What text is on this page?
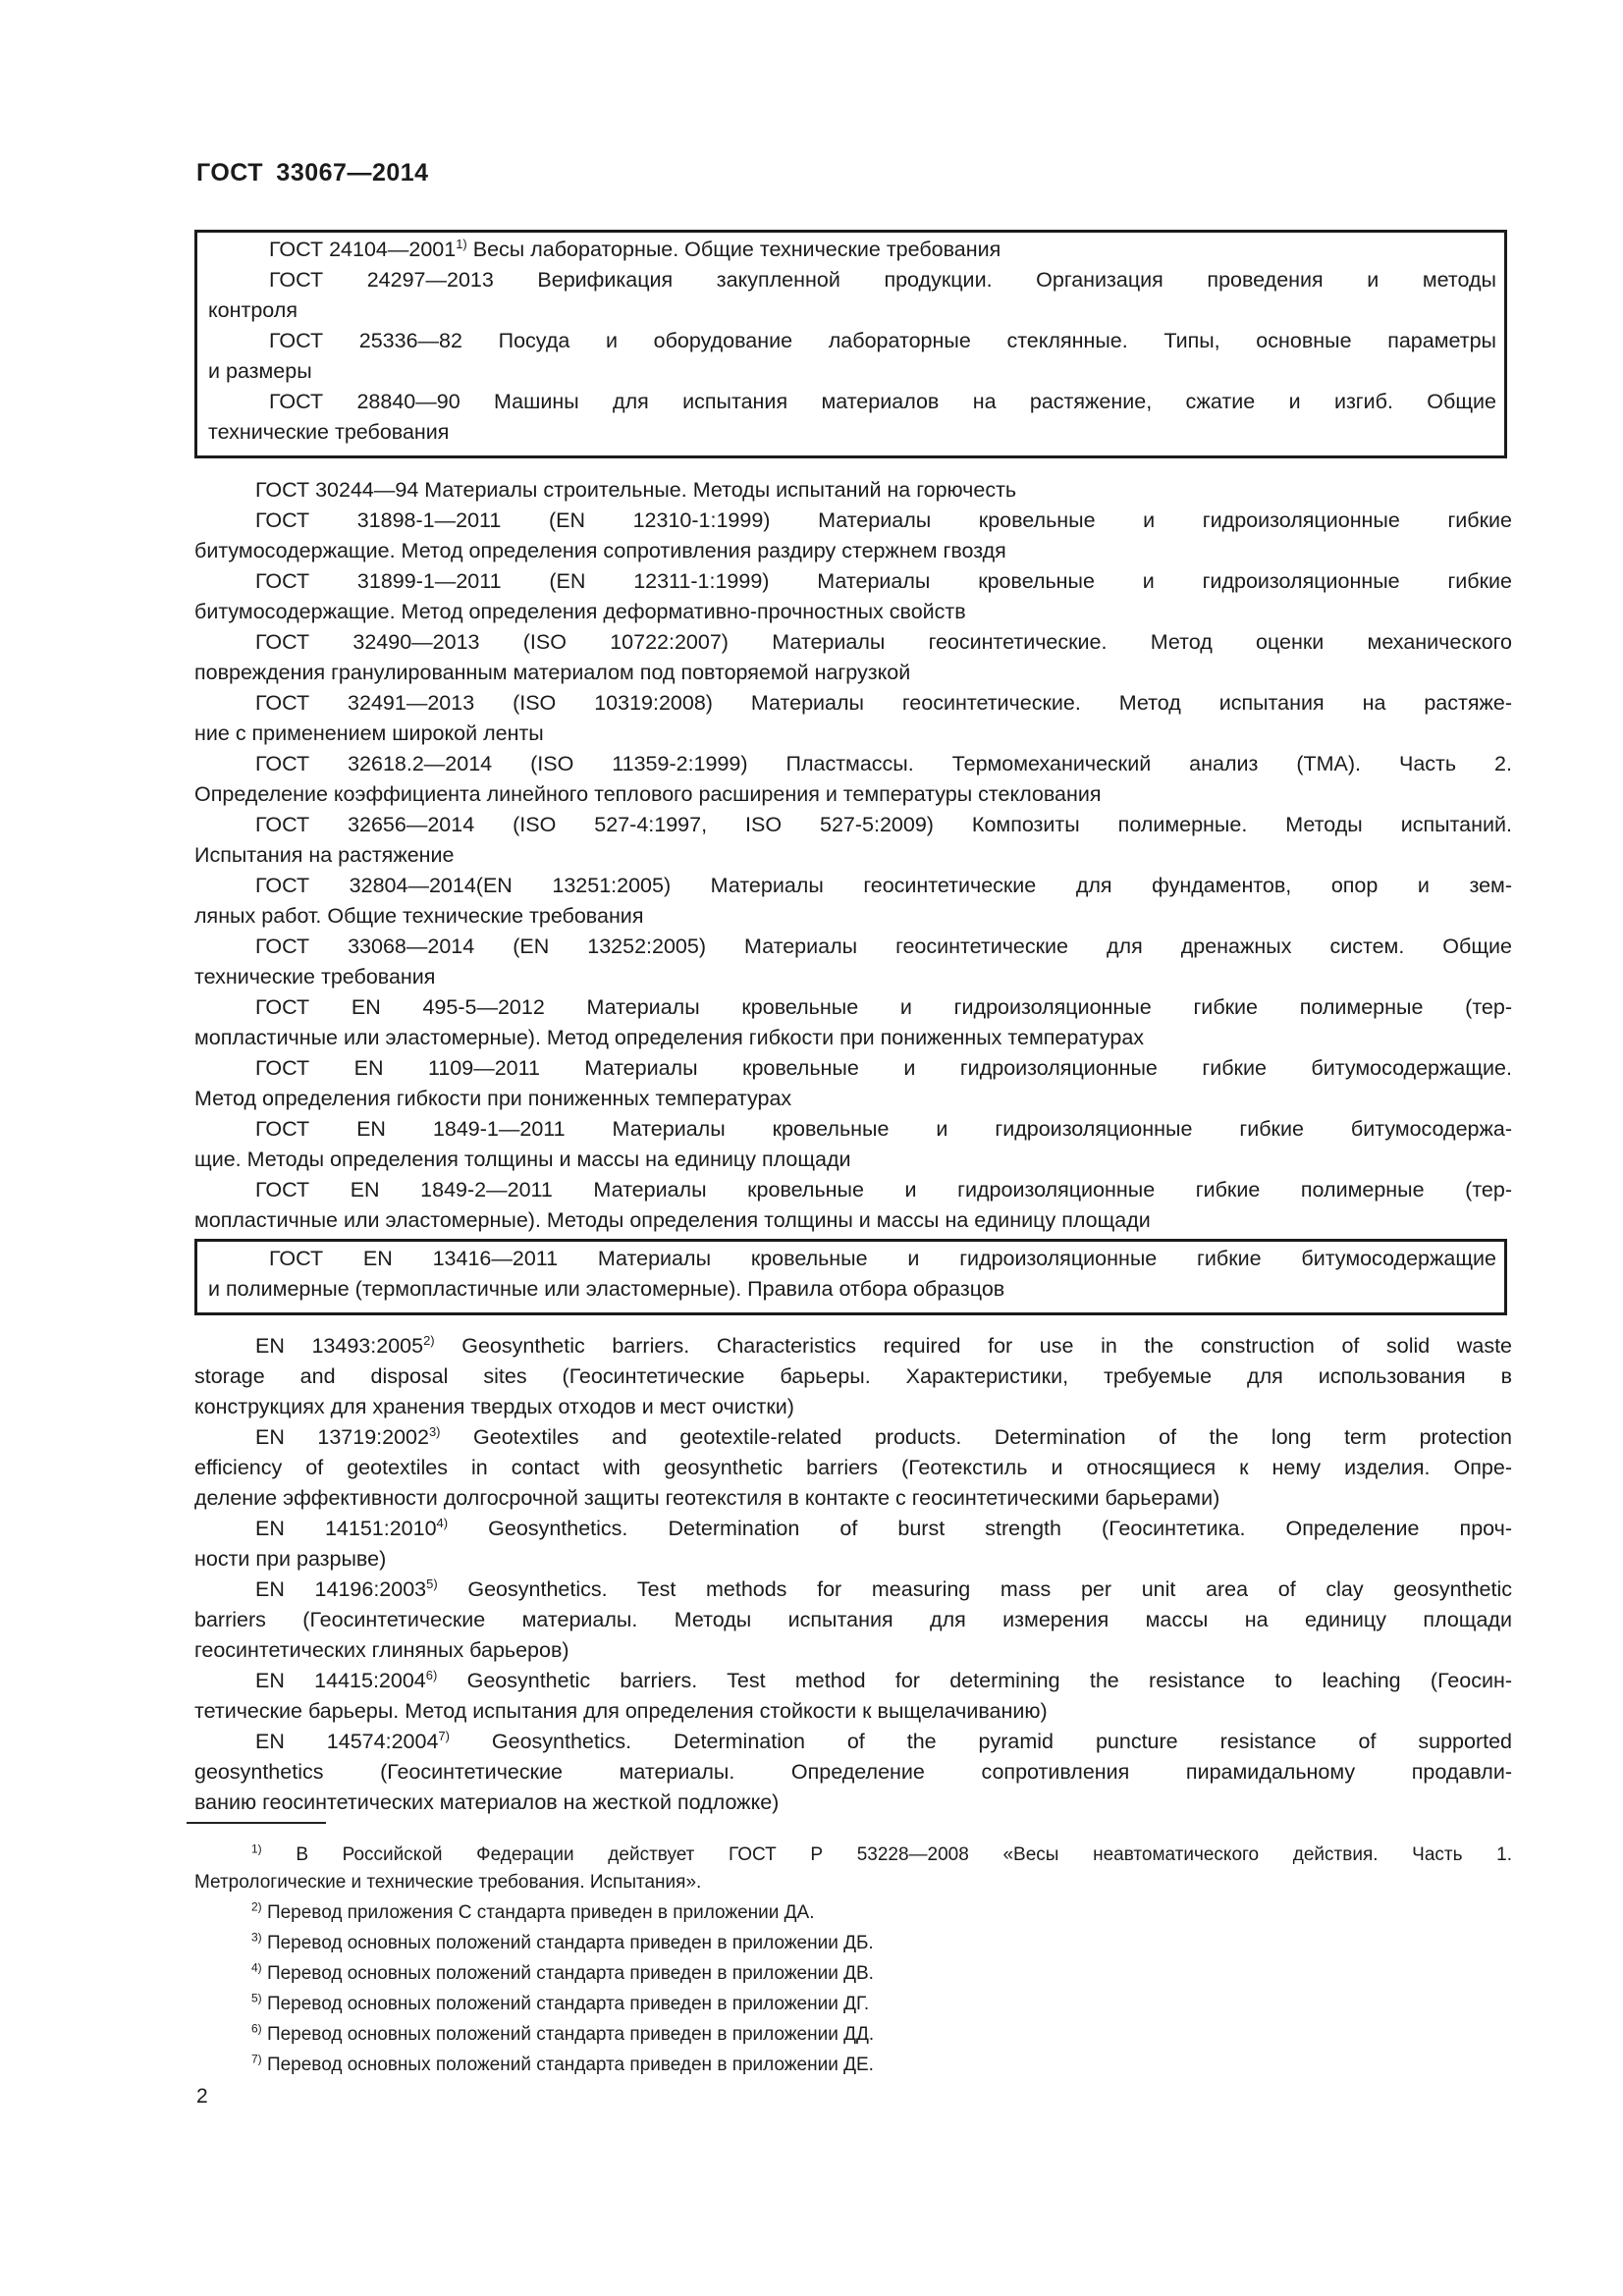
ГОСТ 33067—2014
ГОСТ 24104—2001$^{1)}$ Весы лабораторные. Общие технические требования
ГОСТ 24297—2013 Верификация закупленной продукции. Организация проведения и методы
контроля
ГОСТ 25336—82 Посуда и оборудование лабораторные стеклянные. Типы, основные параметры
и размеры
ГОСТ 28840—90 Машины для испытания материалов на растяжение, сжатие и изгиб. Общие
технические требования
ГОСТ 30244—94 Материалы строительные. Методы испытаний на горючесть
ГОСТ 31898-1—2011 (EN 12310-1:1999) Материалы кровельные и гидроизоляционные гибкие
битумосодержащие. Метод определения сопротивления раздиру стержнем гвоздя
ГОСТ 31899-1—2011 (EN 12311-1:1999) Материалы кровельные и гидроизоляционные гибкие
битумосодержащие. Метод определения деформативно-прочностных свойств
ГОСТ 32490—2013 (ISO 10722:2007) Материалы геосинтетические. Метод оценки механического
повреждения гранулированным материалом под повторяемой нагрузкой
ГОСТ 32491—2013 (ISO 10319:2008) Материалы геосинтетические. Метод испытания на растяже-
ние с применением широкой ленты
ГОСТ 32618.2—2014 (ISO 11359-2:1999) Пластмассы. Термомеханический анализ (ТМА). Часть 2.
Определение коэффициента линейного теплового расширения и температуры стеклования
ГОСТ 32656—2014 (ISO 527-4:1997, ISO 527-5:2009) Композиты полимерные. Методы испытаний.
Испытания на растяжение
ГОСТ 32804—2014(EN 13251:2005) Материалы геосинтетические для фундаментов, опор и зем-
ляных работ. Общие технические требования
ГОСТ 33068—2014 (EN 13252:2005) Материалы геосинтетические для дренажных систем. Общие
технические требования
ГОСТ EN 495-5—2012 Материалы кровельные и гидроизоляционные гибкие полимерные (тер-
мопластичные или эластомерные). Метод определения гибкости при пониженных температурах
ГОСТ EN 1109—2011 Материалы кровельные и гидроизоляционные гибкие битумосодержащие.
Метод определения гибкости при пониженных температурах
ГОСТ EN 1849-1—2011 Материалы кровельные и гидроизоляционные гибкие битумосодержа-
щие. Методы определения толщины и массы на единицу площади
ГОСТ EN 1849-2—2011 Материалы кровельные и гидроизоляционные гибкие полимерные (тер-
мопластичные или эластомерные). Методы определения толщины и массы на единицу площади
ГОСТ EN 13416—2011 Материалы кровельные и гидроизоляционные гибкие битумосодержащие
и полимерные (термопластичные или эластомерные). Правила отбора образцов
EN 13493:2005$^{2)}$ Geosynthetic barriers. Characteristics required for use in the construction of solid waste
storage and disposal sites (Геосинтетические барьеры. Характеристики, требуемые для использования в
конструкциях для хранения твердых отходов и мест очистки)
EN 13719:2002$^{3)}$ Geotextiles and geotextile-related products. Determination of the long term protection
efficiency of geotextiles in contact with geosynthetic barriers (Геотекстиль и относящиеся к нему изделия. Опре-
деление эффективности долгосрочной защиты геотекстиля в контакте с геосинтетическими барьерами)
EN 14151:2010$^{4)}$ Geosynthetics. Determination of burst strength (Геосинтетика. Определение проч-
ности при разрыве)
EN 14196:2003$^{5)}$ Geosynthetics. Test methods for measuring mass per unit area of clay geosynthetic
barriers (Геосинтетические материалы. Методы испытания для измерения массы на единицу площади
геосинтетических глиняных барьеров)
EN 14415:2004$^{6)}$ Geosynthetic barriers. Test method for determining the resistance to leaching (Геосин-
тетические барьеры. Метод испытания для определения стойкости к выщелачиванию)
EN 14574:2004$^{7)}$ Geosynthetics. Determination of the pyramid puncture resistance of supported
geosynthetics (Геосинтетические материалы. Определение сопротивления пирамидальному продавли-
ванию геосинтетических материалов на жесткой подложке)
$^{1)}$ В Российской Федерации действует ГОСТ Р 53228—2008 «Весы неавтоматического действия. Часть 1.
Метрологические и технические требования. Испытания».
$^{2)}$ Перевод приложения С стандарта приведен в приложении ДА.
$^{3)}$ Перевод основных положений стандарта приведен в приложении ДБ.
$^{4)}$ Перевод основных положений стандарта приведен в приложении ДВ.
$^{5)}$ Перевод основных положений стандарта приведен в приложении ДГ.
$^{6)}$ Перевод основных положений стандарта приведен в приложении ДД.
$^{7)}$ Перевод основных положений стандарта приведен в приложении ДЕ.
2
